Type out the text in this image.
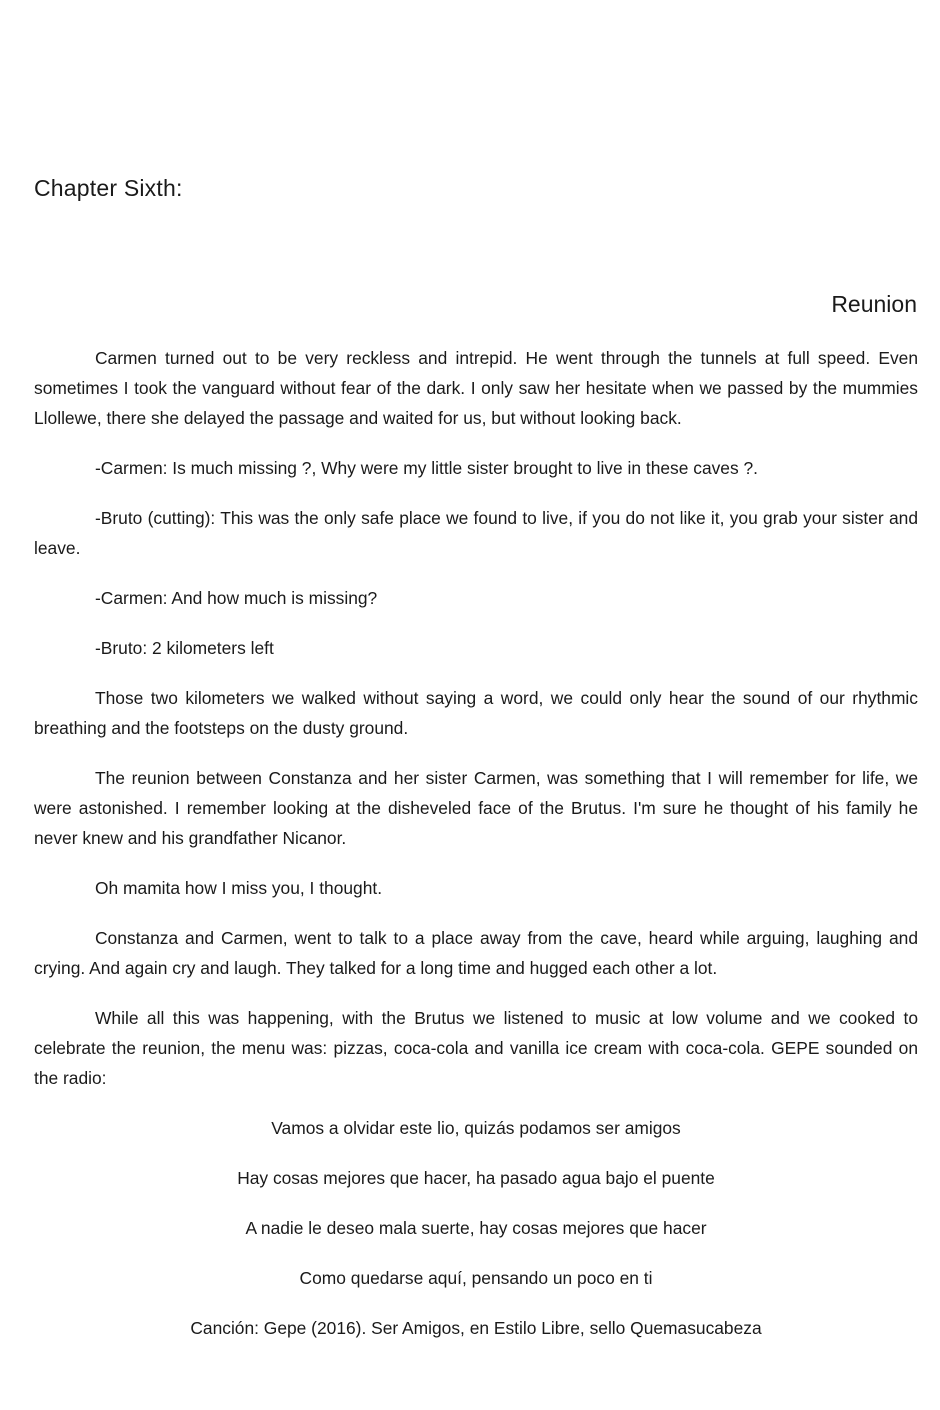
Chapter Sixth:
Reunion

Carmen turned out to be very reckless and intrepid. He went through the tunnels at full speed. Even sometimes I took the vanguard without fear of the dark. I only saw her hesitate when we passed by the mummies Llollewe, there she delayed the passage and waited for us, but without looking back.

-Carmen: Is much missing ?, Why were my little sister brought to live in these caves ?.

-Bruto (cutting): This was the only safe place we found to live, if you do not like it, you grab your sister and leave.

-Carmen: And how much is missing?

-Bruto: 2 kilometers left

Those two kilometers we walked without saying a word, we could only hear the sound of our rhythmic breathing and the footsteps on the dusty ground.

The reunion between Constanza and her sister Carmen, was something that I will remember for life, we were astonished. I remember looking at the disheveled face of the Brutus. I'm sure he thought of his family he never knew and his grandfather Nicanor.

Oh mamita how I miss you, I thought.

Constanza and Carmen, went to talk to a place away from the cave, heard while arguing, laughing and crying. And again cry and laugh. They talked for a long time and hugged each other a lot.

While all this was happening, with the Brutus we listened to music at low volume and we cooked to celebrate the reunion, the menu was: pizzas, coca-cola and vanilla ice cream with coca-cola. GEPE sounded on the radio:

Vamos a olvidar este lio, quizás podamos ser amigos

Hay cosas mejores que hacer, ha pasado agua bajo el puente

A nadie le deseo mala suerte, hay cosas mejores que hacer

Como quedarse aquí, pensando un poco en ti

Canción: Gepe (2016). Ser Amigos, en Estilo Libre, sello Quemasucabeza
